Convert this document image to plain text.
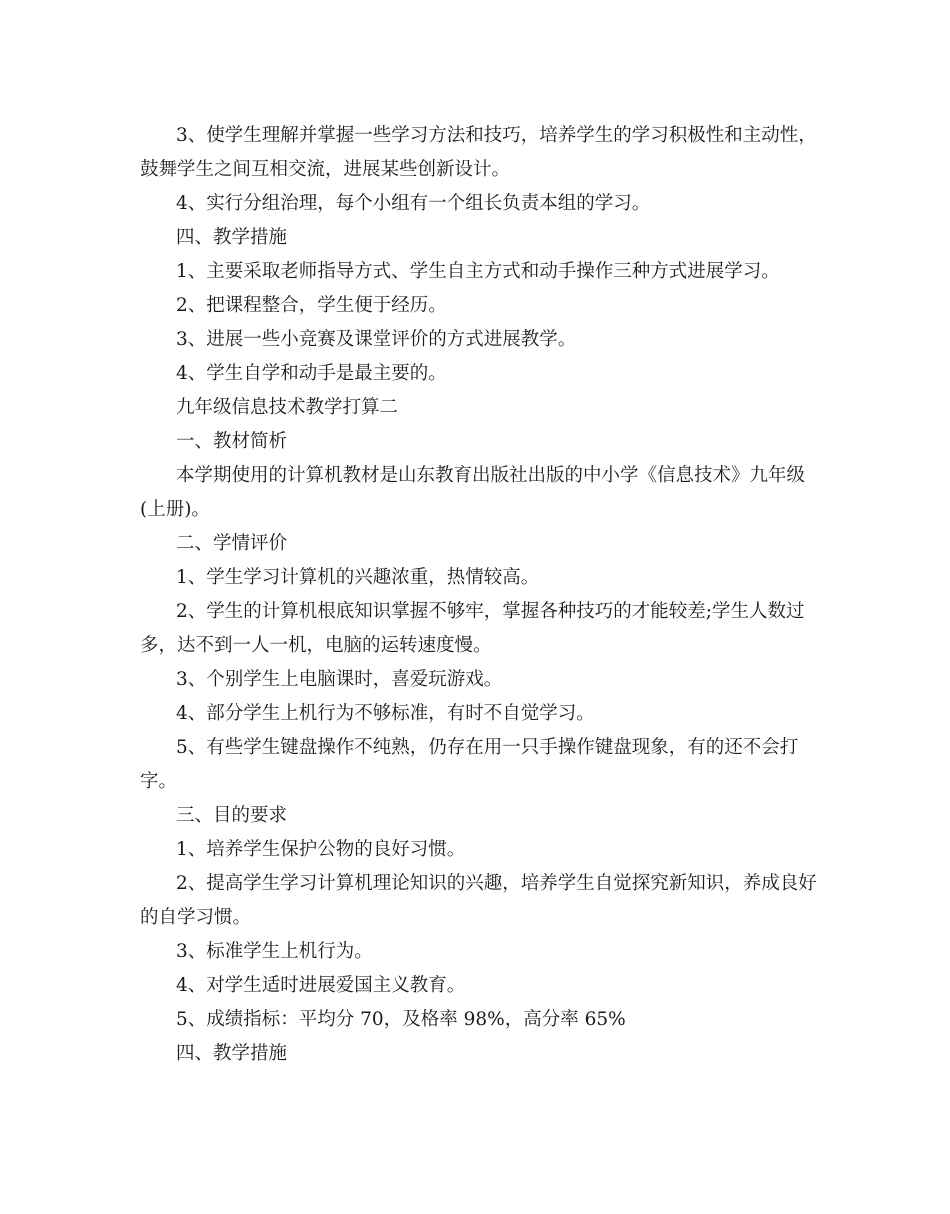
3、使学生理解并掌握一些学习方法和技巧，培养学生的学习积极性和主动性，鼓舞学生之间互相交流，进展某些创新设计。

4、实行分组治理，每个小组有一个组长负责本组的学习。

四、教学措施

1、主要采取老师指导方式、学生自主方式和动手操作三种方式进展学习。

2、把课程整合，学生便于经历。

3、进展一些小竞赛及课堂评价的方式进展教学。

4、学生自学和动手是最主要的。

九年级信息技术教学打算二

一、教材简析

本学期使用的计算机教材是山东教育出版社出版的中小学《信息技术》九年级(上册)。

二、学情评价

1、学生学习计算机的兴趣浓重，热情较高。

2、学生的计算机根底知识掌握不够牢，掌握各种技巧的才能较差;学生人数过多，达不到一人一机，电脑的运转速度慢。

3、个别学生上电脑课时，喜爱玩游戏。

4、部分学生上机行为不够标准，有时不自觉学习。

5、有些学生键盘操作不纯熟，仍存在用一只手操作键盘现象，有的还不会打字。

三、目的要求

1、培养学生保护公物的良好习惯。

2、提高学生学习计算机理论知识的兴趣，培养学生自觉探究新知识，养成良好的自学习惯。

3、标准学生上机行为。

4、对学生适时进展爱国主义教育。

5、成绩指标：平均分 70，及格率 98%，高分率 65%

四、教学措施
